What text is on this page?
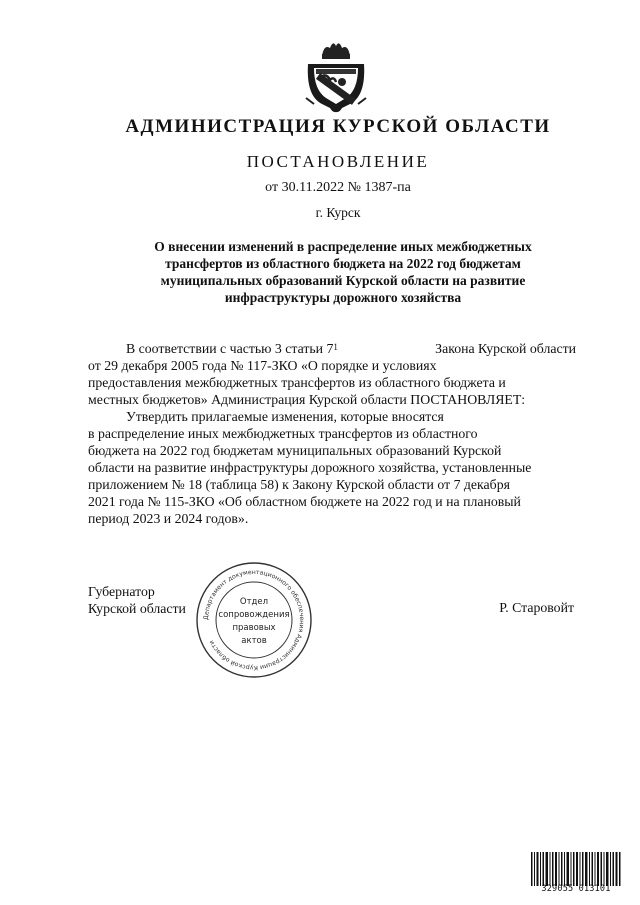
АДМИНИСТРАЦИЯ КУРСКОЙ ОБЛАСТИ
ПОСТАНОВЛЕНИЕ
от 30.11.2022 № 1387-па
г. Курск
О внесении изменений в распределение иных межбюджетных
трансфертов из областного бюджета на 2022 год бюджетам
муниципальных образований Курской области на развитие
инфраструктуры дорожного хозяйства
В соответствии с частью 3 статьи $7^1$	Закона Курской области
от 29 декабря 2005 года № 117-ЗКО «О порядке и условиях
предоставления межбюджетных трансфертов из областного бюджета и
местных бюджетов» Администрация Курской области ПОСТАНОВЛЯЕТ:
Утвердить прилагаемые изменения, которые вносятся
в распределение иных межбюджетных трансфертов из областного
бюджета на 2022 год бюджетам муниципальных образований Курской
области на развитие инфраструктуры дорожного хозяйства, установленные
приложением № 18 (таблица 58) к Закону Курской области от 7 декабря
2021 года № 115-ЗКО «Об областном бюджете на 2022 год и на плановый
период 2023 и 2024 годов».
Губернатор
Курской области	Р. Старовойт
Департамент документационного обеспечения Администрации Курской области
Отдел
сопровождения
правовых
актов
329055 013101
